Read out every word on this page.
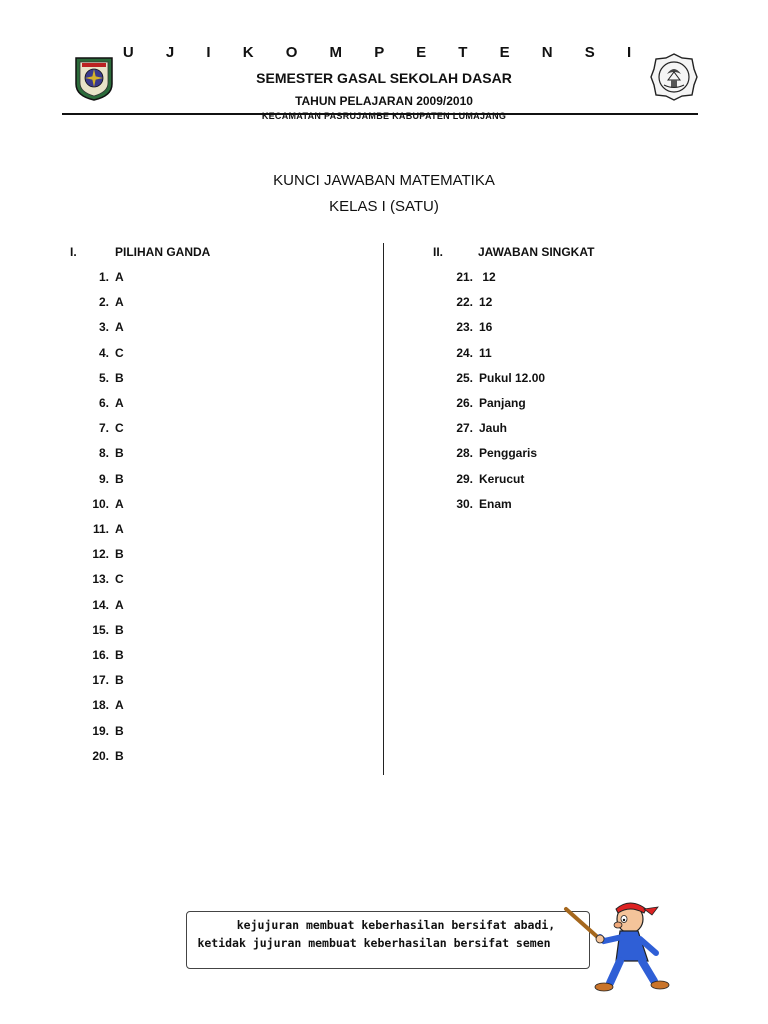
U J I K O M P E T E N S I
SEMESTER GASAL SEKOLAH DASAR
TAHUN PELAJARAN 2009/2010
KECAMATAN PASRUJAMBE KABUPATEN LUMAJANG
KUNCI JAWABAN MATEMATIKA
KELAS I (SATU)
I.	PILIHAN GANDA	II.	JAWABAN SINGKAT
1. A
2. A
3. A
4. C
5. B
6. A
7. C
8. B
9. B
10. A
11. A
12. B
13. C
14. A
15. B
16. B
17. B
18. A
19. B
20. B
21. 12
22. 12
23. 16
24. 11
25. Pukul 12.00
26. Panjang
27. Jauh
28. Penggaris
29. Kerucut
30. Enam
kejujuran membuat keberhasilan bersifat abadi,
ketidak jujuran membuat keberhasilan bersifat semen
